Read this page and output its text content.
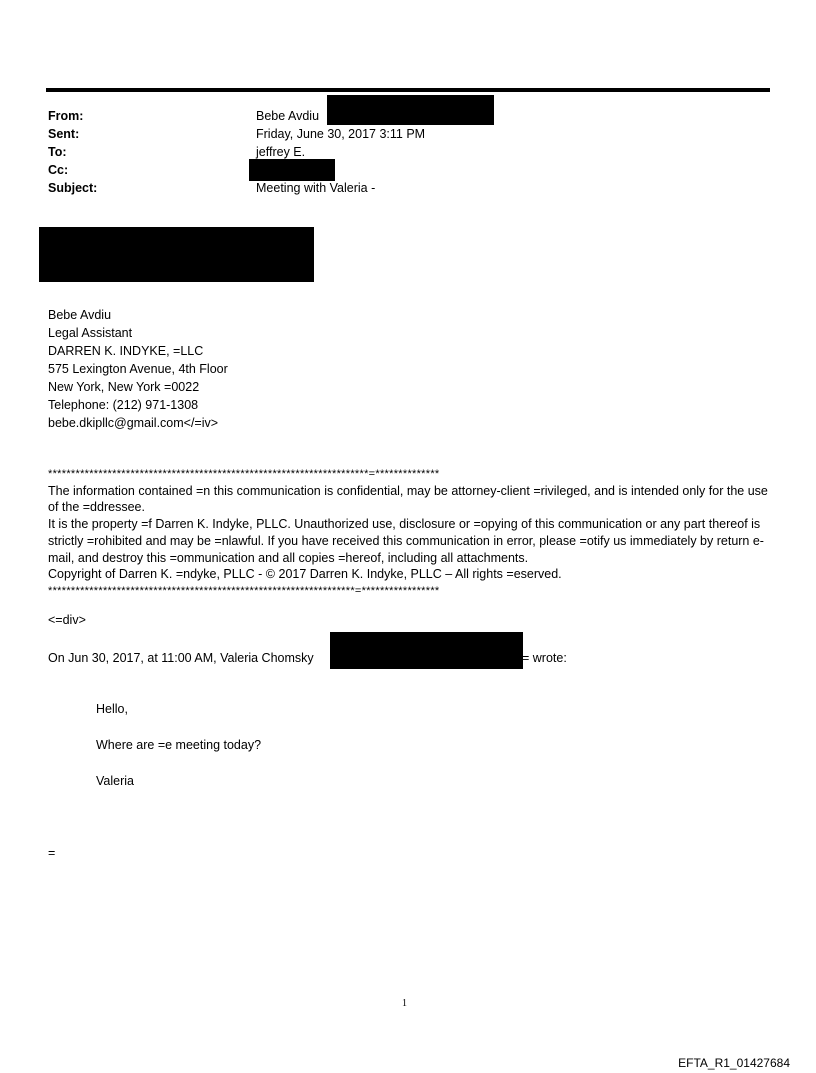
From:	Bebe Avdiu
Sent:	Friday, June 30, 2017 3:11 PM
To:	jeffrey E.
Cc:
Subject:	Meeting with Valeria -
Bebe Avdiu
Legal Assistant
DARREN K. INDYKE, =LLC
575 Lexington Avenue, 4th Floor
New York, New York =0022
Telephone: (212) 971-1308
bebe.dkipllc@gmail.com</=iv>
**********************************************************************=**************

The information contained =n this communication is confidential, may be attorney-client =rivileged, and is intended only for the use of the =ddressee.

It is the property =f Darren K. Indyke, PLLC. Unauthorized use, disclosure or =opying of this communication or any part thereof is strictly =rohibited and may be =nlawful. If you have received this communication in error, please =otify us immediately by return e-mail, and destroy this =ommunication and all copies =hereof, including all attachments.

Copyright of Darren K. =ndyke, PLLC - © 2017 Darren K. Indyke, PLLC – All rights =eserved.

*******************************************************************=*****************
<=div>
On Jun 30, 2017, at 11:00 AM, Valeria Chomsky	= wrote:
Hello,
Where are =e meeting today?
Valeria
=
1
EFTA_R1_01427684
